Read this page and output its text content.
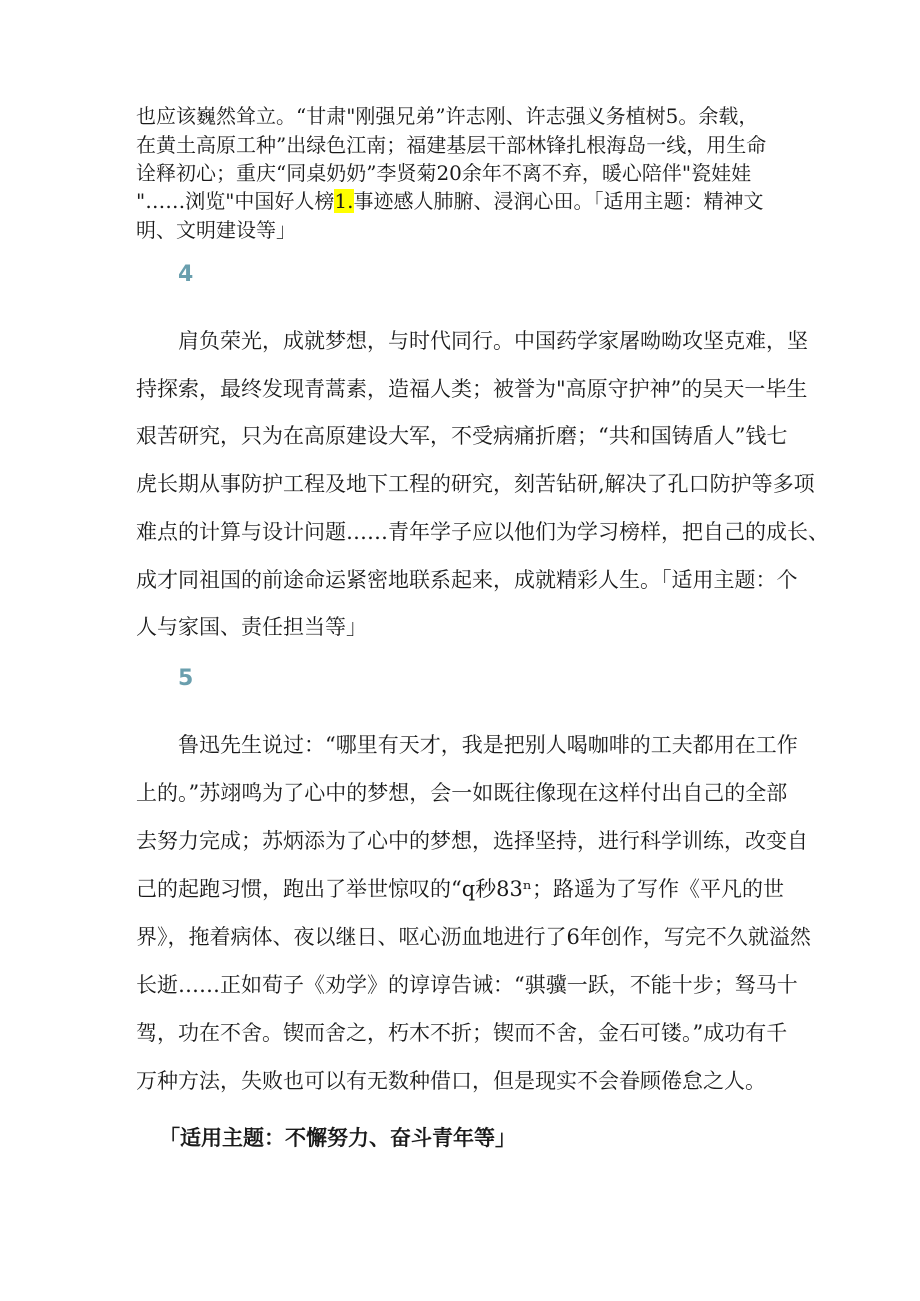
也应该巍然耸立。“甘肃"刚强兄弟”许志刚、许志强义务植树5。余载，
在黄土高原工种”出绿色江南；福建基层干部林锋扎根海岛一线，用生命
诠释初心；重庆“同桌奶奶”李贤菊20余年不离不弃，暖心陪伴"瓷娃娃
"……浏览"中国好人榜1.事迹感人肺腑、浸润心田。「适用主题：精神文
明、文明建设等」
4
肩负荣光，成就梦想，与时代同行。中国药学家屠呦呦攻坚克难，坚
持探索，最终发现青蒿素，造福人类；被誉为"高原守护神”的吴天一毕生
艰苦研究，只为在高原建设大军，不受病痛折磨；“共和国铸盾人”钱七
虎长期从事防护工程及地下工程的研究，刻苦钻研,解决了孔口防护等多项
难点的计算与设计问题……青年学子应以他们为学习榜样，把自己的成长、
成才同祖国的前途命运紧密地联系起来，成就精彩人生。「适用主题：个
人与家国、责任担当等」
5
鲁迅先生说过：“哪里有天才，我是把别人喝咖啡的工夫都用在工作
上的。”苏翊鸣为了心中的梦想，会一如既往像现在这样付出自己的全部
去努力完成；苏炳添为了心中的梦想，选择坚持，进行科学训练，改变自
己的起跑习惯，跑出了举世惊叹的“q秒83ⁿ；路遥为了写作《平凡的世
界》，拖着病体、夜以继日、呕心沥血地进行了6年创作，写完不久就溢然
长逝……正如荀子《劝学》的谆谆告诫：“骐骥一跃，不能十步；驽马十
驾，功在不舍。锲而舍之，朽木不折；锲而不舍，金石可镂。”成功有千
万种方法，失败也可以有无数种借口，但是现实不会眷顾倦怠之人。
「适用主题：不懈努力、奋斗青年等」
